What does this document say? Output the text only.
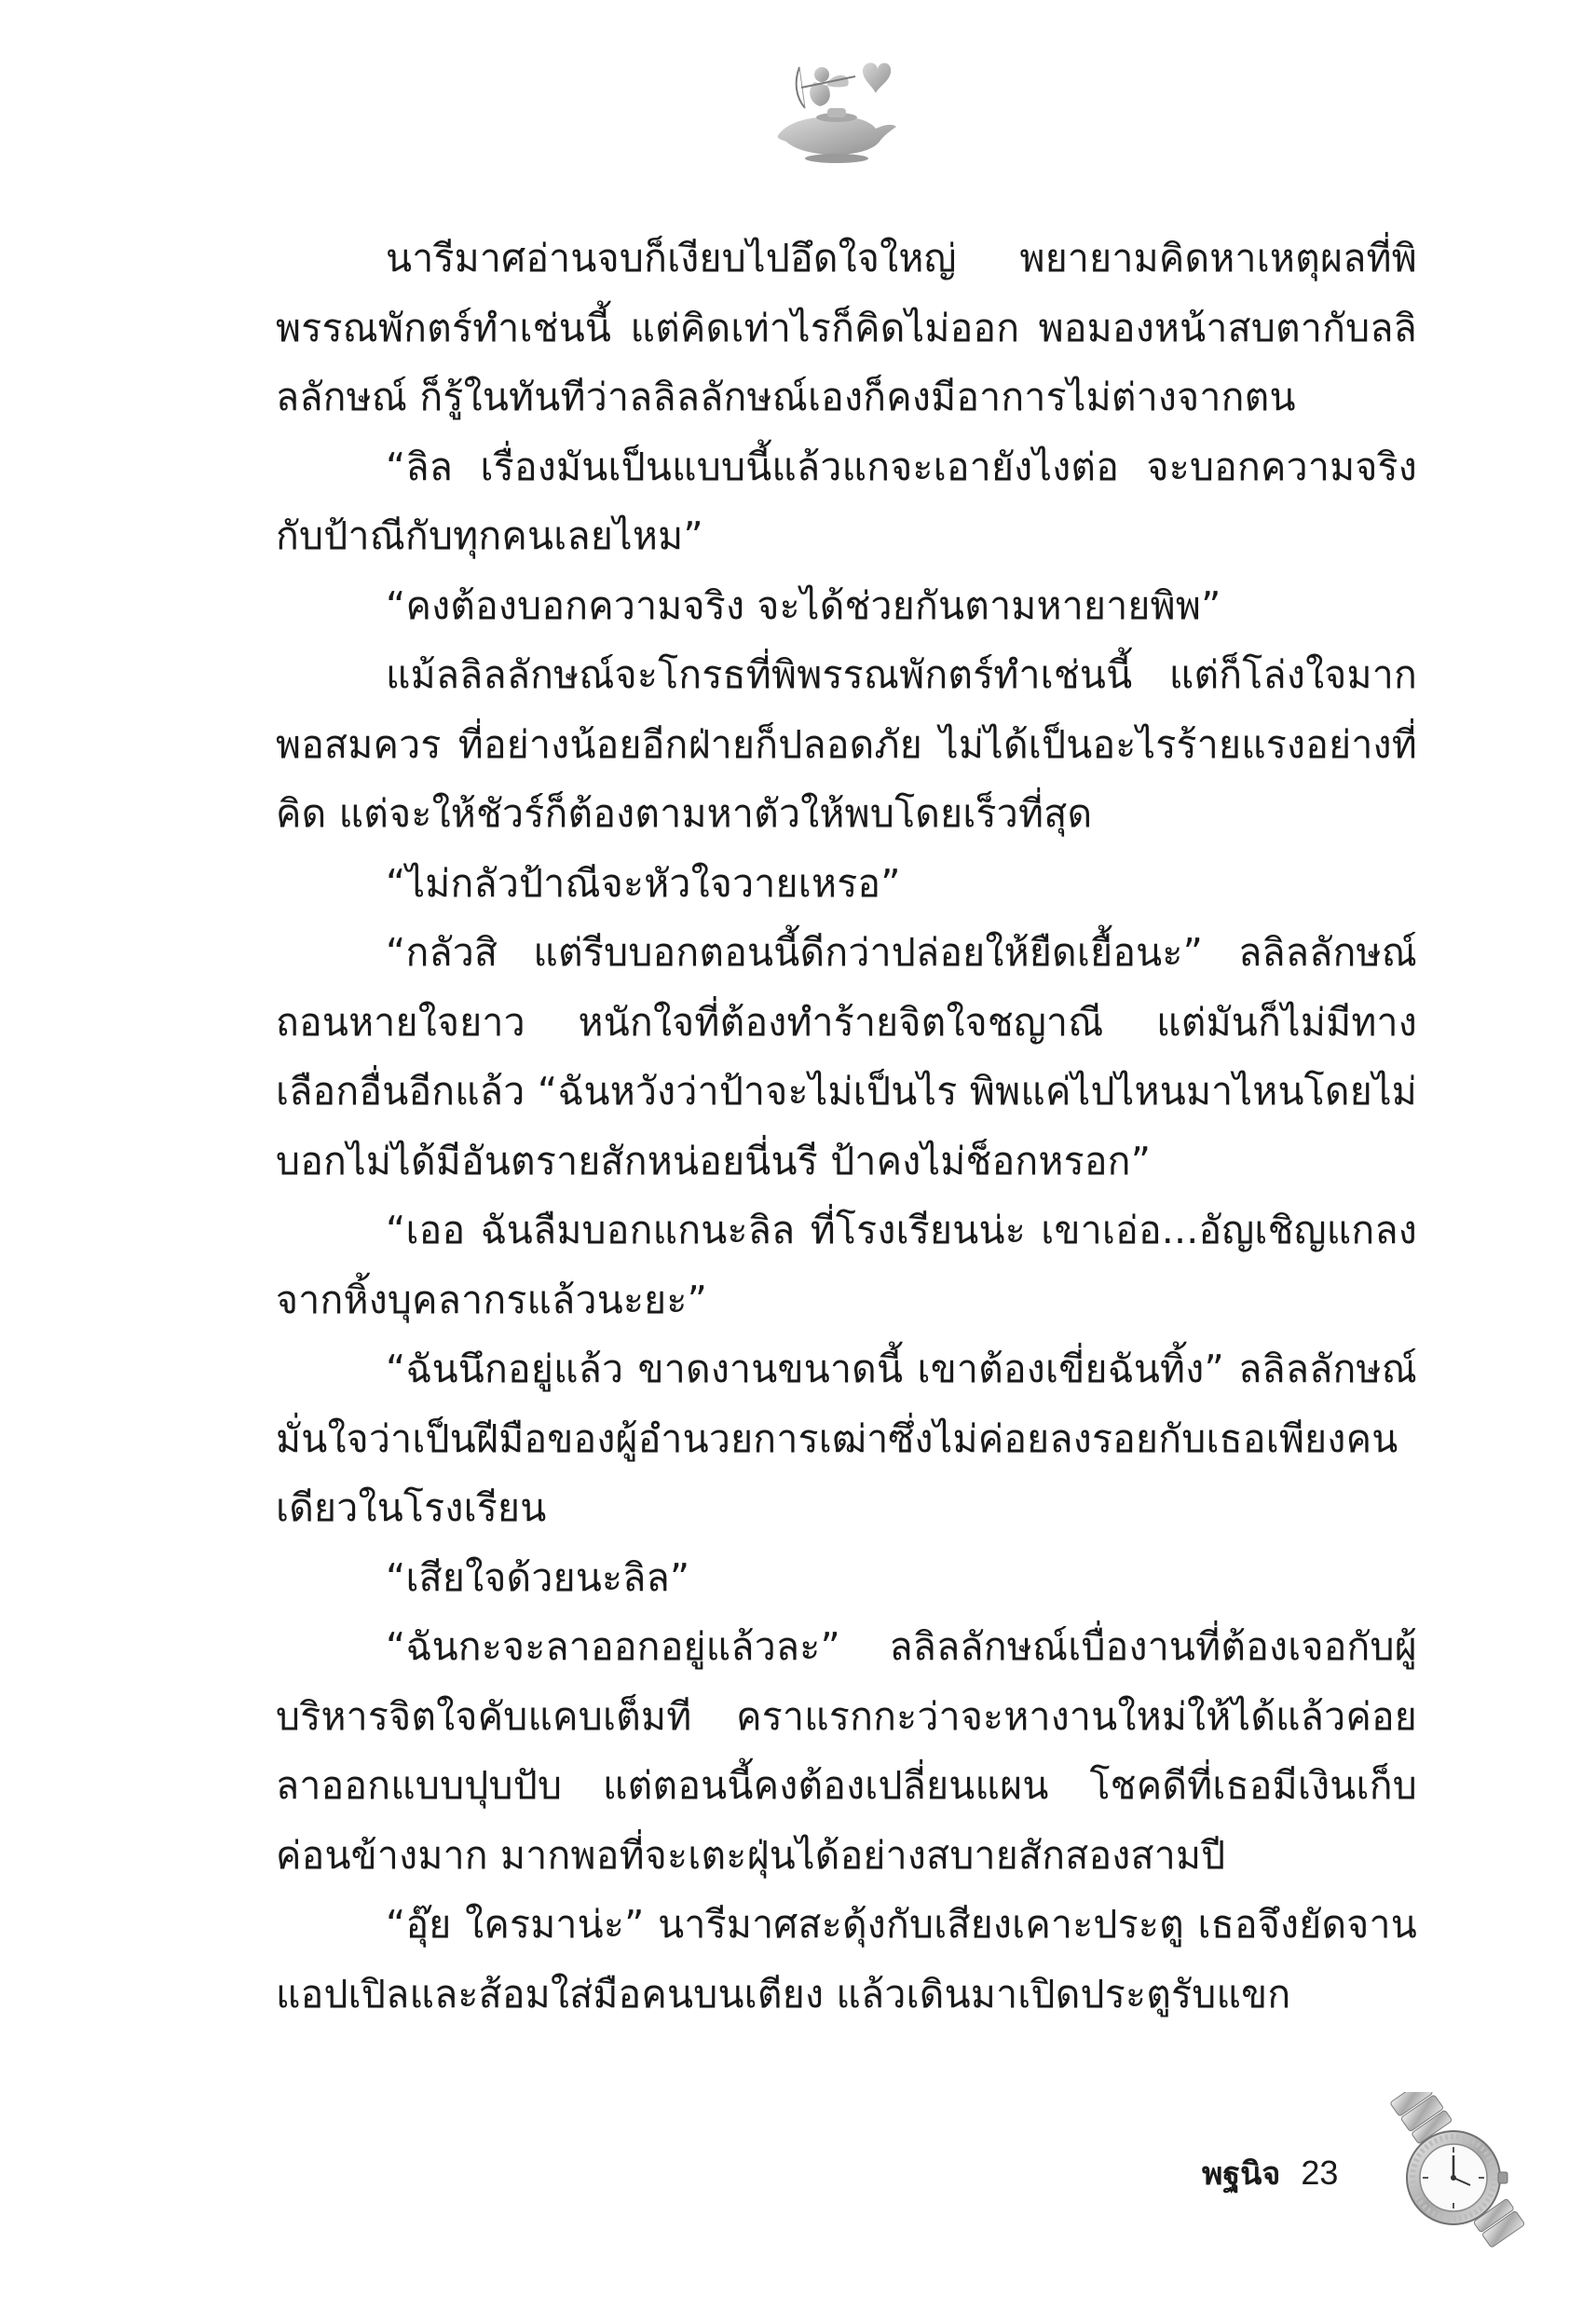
นารีมาศอ่านจบก็เงียบไปอึดใจใหญ่ พยายามคิดหาเหตุผลที่พิพรรณพักตร์ทำเช่นนี้ แต่คิดเท่าไรก็คิดไม่ออก พอมองหน้าสบตากับลลิลลักษณ์ ก็รู้ในทันทีว่าลลิลลักษณ์เองก็คงมีอาการไม่ต่างจากตน

“ลิล เรื่องมันเป็นแบบนี้แล้วแกจะเอายังไงต่อ จะบอกความจริงกับป้าณีกับทุกคนเลยไหม”

“คงต้องบอกความจริง จะได้ช่วยกันตามหายายพิพ”

แม้ลลิลลักษณ์จะโกรธที่พิพรรณพักตร์ทำเช่นนี้ แต่ก็โล่งใจมากพอสมควร ที่อย่างน้อยอีกฝ่ายก็ปลอดภัย ไม่ได้เป็นอะไรร้ายแรงอย่างที่คิด แต่จะให้ชัวร์ก็ต้องตามหาตัวให้พบโดยเร็วที่สุด

“ไม่กลัวป้าณีจะหัวใจวายเหรอ”

“กลัวสิ แต่รีบบอกตอนนี้ดีกว่าปล่อยให้ยืดเยื้อนะ” ลลิลลักษณ์ถอนหายใจยาว หนักใจที่ต้องทำร้ายจิตใจชญาณี แต่มันก็ไม่มีทางเลือกอื่นอีกแล้ว “ฉันหวังว่าป้าจะไม่เป็นไร พิพแค่ไปไหนมาไหนโดยไม่บอกไม่ได้มีอันตรายสักหน่อยนี่นรี ป้าคงไม่ช็อกหรอก”

“เออ ฉันลืมบอกแกนะลิล ที่โรงเรียนน่ะ เขาเอ่อ...อัญเชิญแกลงจากหิ้งบุคลากรแล้วนะยะ”

“ฉันนึกอยู่แล้ว ขาดงานขนาดนี้ เขาต้องเขี่ยฉันทิ้ง” ลลิลลักษณ์มั่นใจว่าเป็นฝีมือของผู้อำนวยการเฒ่าซึ่งไม่ค่อยลงรอยกับเธอเพียงคนเดียวในโรงเรียน

“เสียใจด้วยนะลิล”

“ฉันกะจะลาออกอยู่แล้วละ” ลลิลลักษณ์เบื่องานที่ต้องเจอกับผู้บริหารจิตใจคับแคบเต็มที คราแรกกะว่าจะหางานใหม่ให้ได้แล้วค่อยลาออกแบบปุบปับ แต่ตอนนี้คงต้องเปลี่ยนแผน โชคดีที่เธอมีเงินเก็บค่อนข้างมาก มากพอที่จะเตะฝุ่นได้อย่างสบายสักสองสามปี

“อุ๊ย ใครมาน่ะ” นารีมาศสะดุ้งกับเสียงเคาะประตู เธอจึงยัดจานแอปเปิลและส้อมใส่มือคนบนเตียง แล้วเดินมาเปิดประตูรับแขก

พฐนิจ 23
